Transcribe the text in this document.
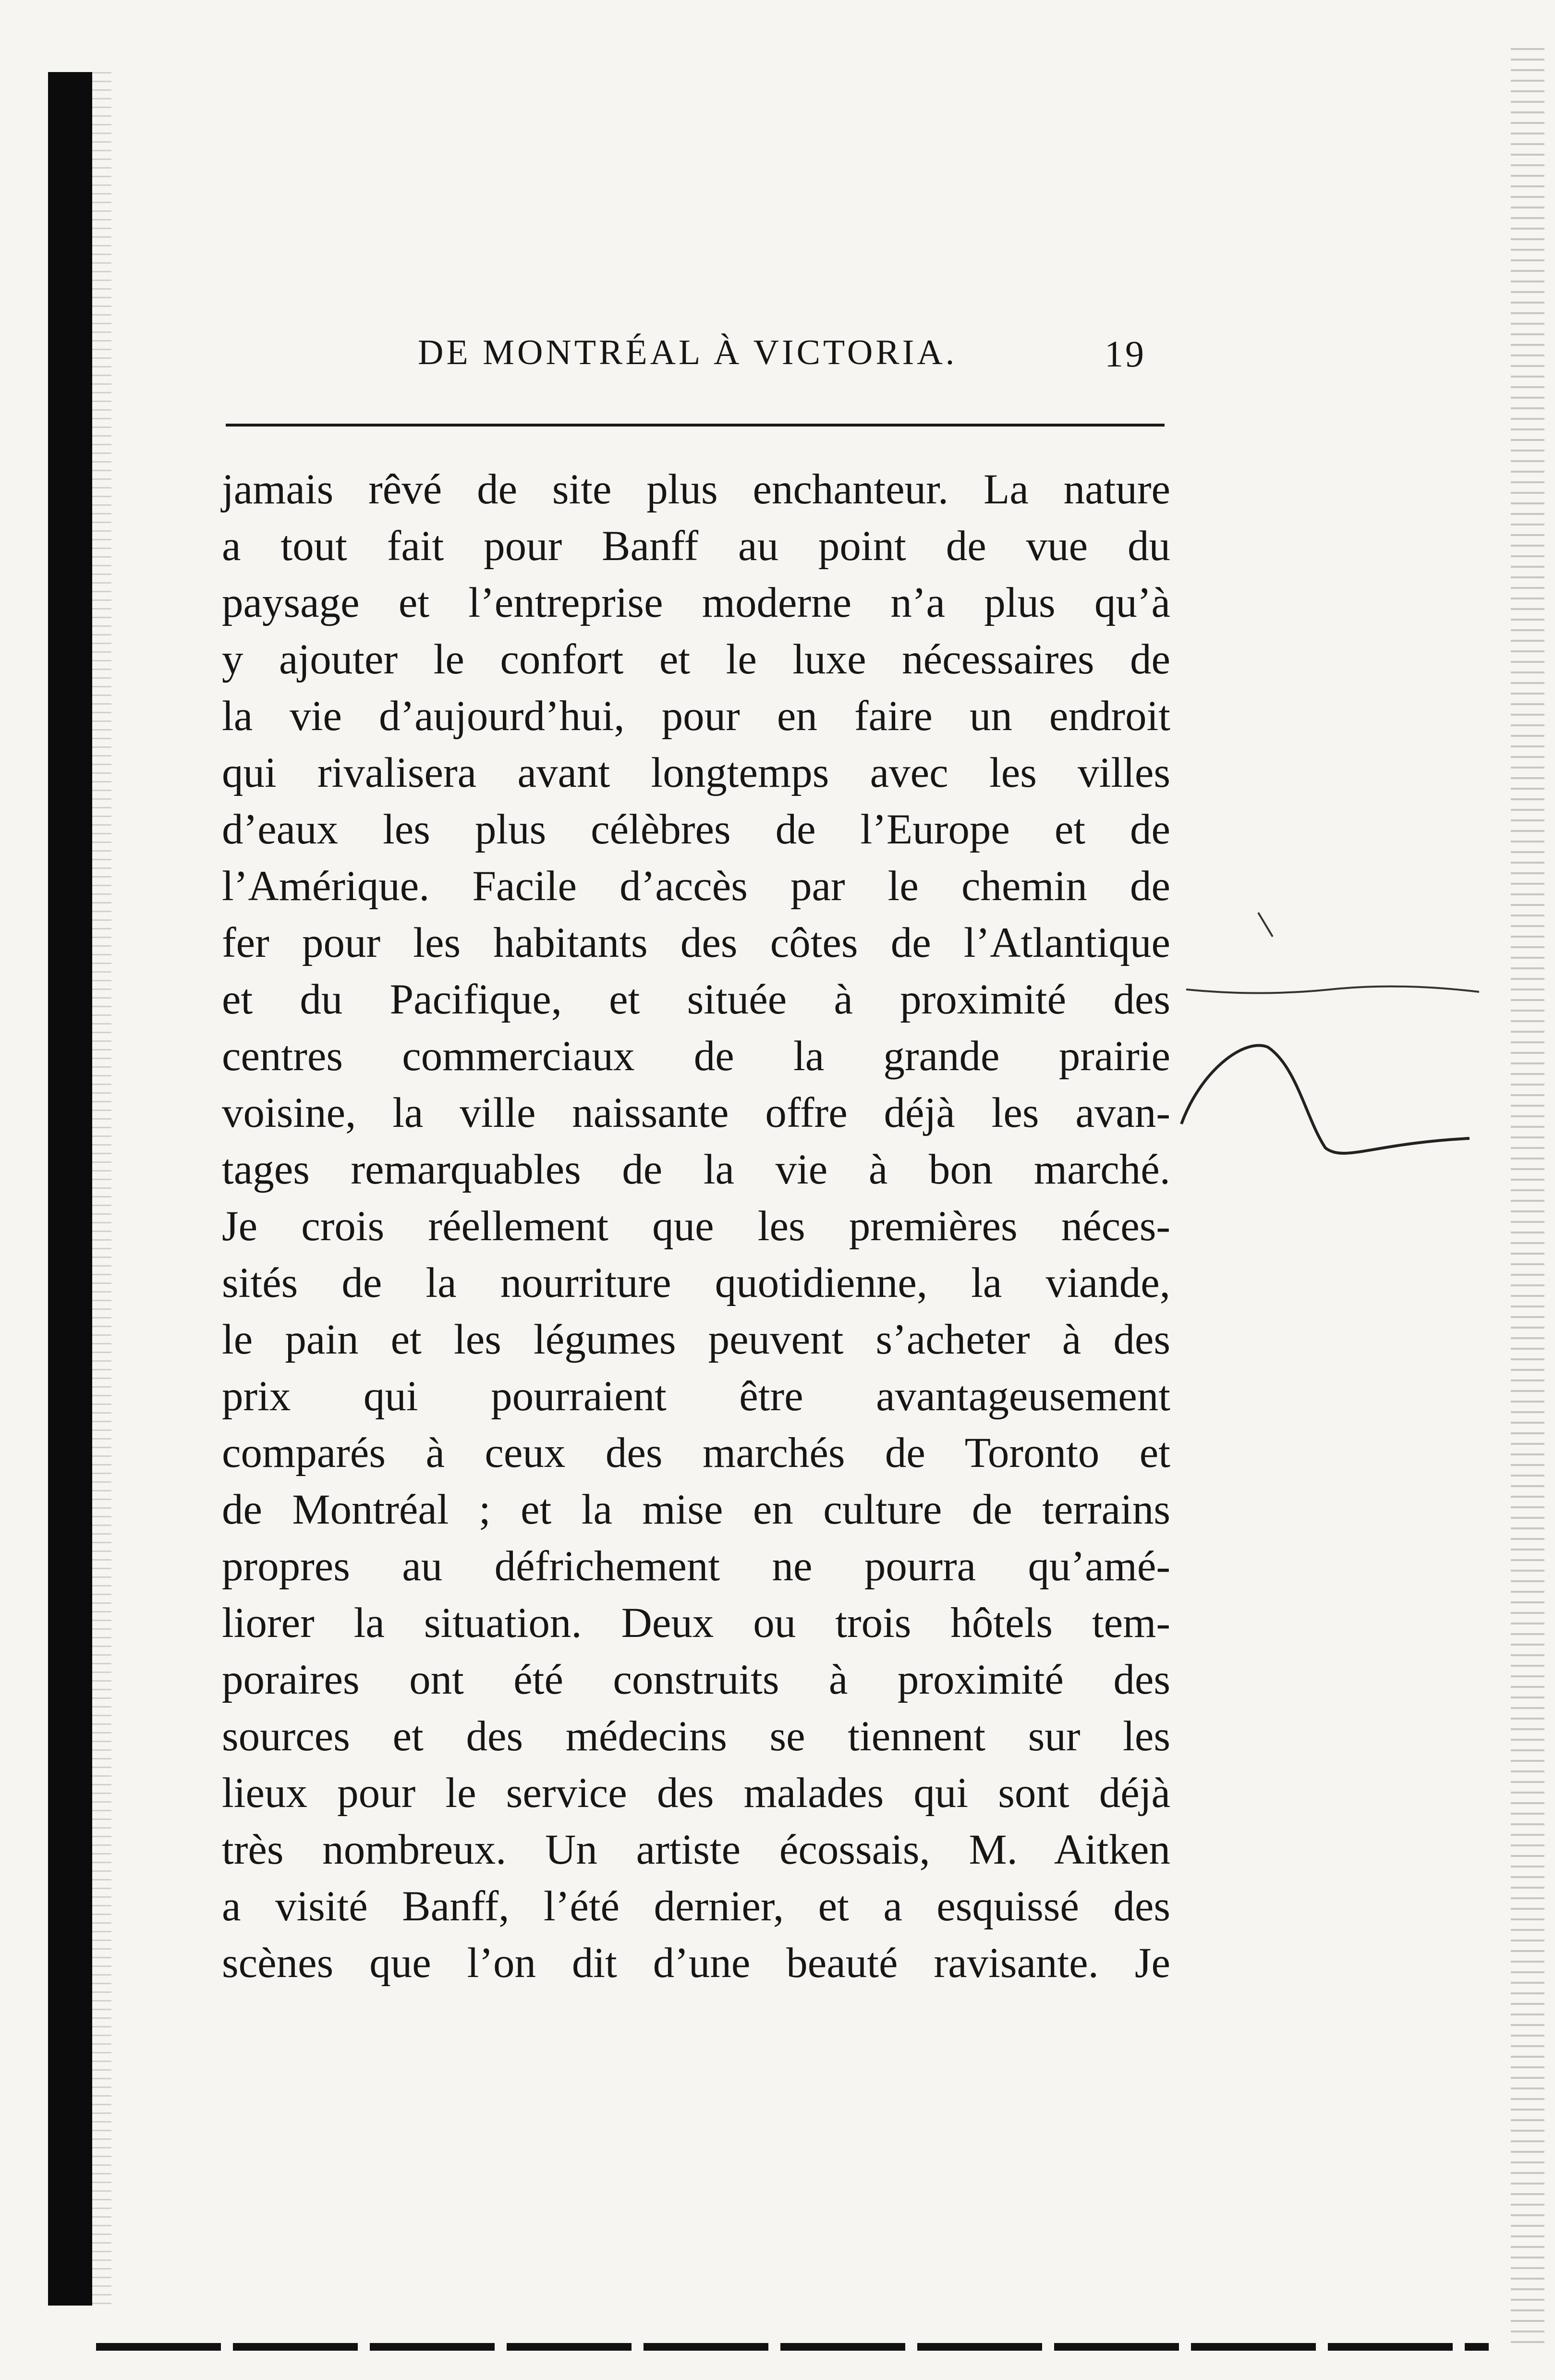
DE MONTRÉAL À VICTORIA.	19
jamais rêvé de site plus enchanteur. La nature
a tout fait pour Banff au point de vue du
paysage et l’entreprise moderne n’a plus qu’à
y ajouter le confort et le luxe nécessaires de
la vie d’aujourd’hui, pour en faire un endroit
qui rivalisera avant longtemps avec les villes
d’eaux les plus célèbres de l’Europe et de
l’Amérique. Facile d’accès par le chemin de
fer pour les habitants des côtes de l’Atlantique
et du Pacifique, et située à proximité des
centres commerciaux de la grande prairie
voisine, la ville naissante offre déjà les avan-
tages remarquables de la vie à bon marché.
Je crois réellement que les premières néces-
sités de la nourriture quotidienne, la viande,
le pain et les légumes peuvent s’acheter à des
prix qui pourraient être avantageusement
comparés à ceux des marchés de Toronto et
de Montréal ; et la mise en culture de terrains
propres au défrichement ne pourra qu’amé-
liorer la situation. Deux ou trois hôtels tem-
poraires ont été construits à proximité des
sources et des médecins se tiennent sur les
lieux pour le service des malades qui sont déjà
très nombreux. Un artiste écossais, M. Aitken
a visité Banff, l’été dernier, et a esquissé des
scènes que l’on dit d’une beauté ravisante. Je
